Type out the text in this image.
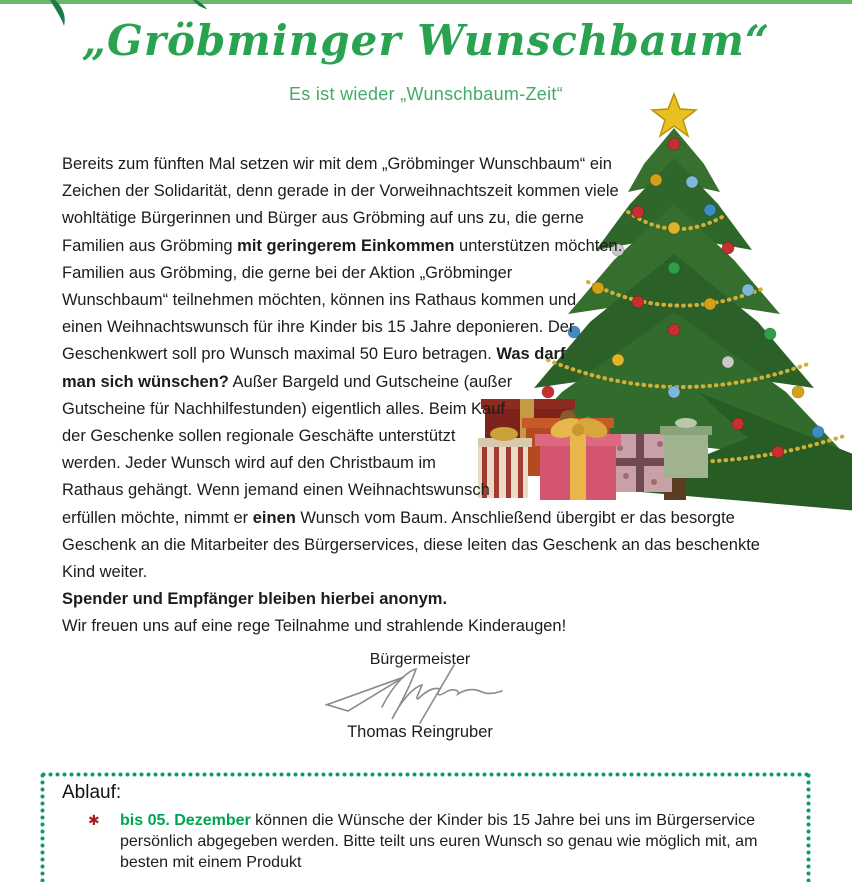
„Gröbminger Wunschbaum“
Es ist wieder „Wunschbaum-Zeit“
Bereits zum fünften Mal setzen wir mit dem „Gröbminger Wunschbaum“ ein
Zeichen der Solidarität, denn gerade in der Vorweihnachtszeit kommen viele
wohltätige Bürgerinnen und Bürger aus Gröbming auf uns zu, die gerne
Familien aus Gröbming mit geringerem Einkommen unterstützen möchten.
Familien aus Gröbming, die gerne bei der Aktion „Gröbminger
Wunschbaum“ teilnehmen möchten, können ins Rathaus kommen und
einen Weihnachtswunsch für ihre Kinder bis 15 Jahre deponieren. Der
Geschenkwert soll pro Wunsch maximal 50 Euro betragen. Was darf
man sich wünschen? Außer Bargeld und Gutscheine (außer
Gutscheine für Nachhilfestunden) eigentlich alles. Beim Kauf
der Geschenke sollen regionale Geschäfte unterstützt
werden. Jeder Wunsch wird auf den Christbaum im
Rathaus gehängt. Wenn jemand einen Weihnachtswunsch
erfüllen möchte, nimmt er einen Wunsch vom Baum. Anschließend übergibt er das besorgte
Geschenk an die Mitarbeiter des Bürgerservices, diese leiten das Geschenk an das beschenkte
Kind weiter.
Spender und Empfänger bleiben hierbei anonym.
Wir freuen uns auf eine rege Teilnahme und strahlende Kinderaugen!
Bürgermeister
Thomas Reingruber
Ablauf:
✱	bis 05. Dezember können die Wünsche der Kinder bis 15 Jahre bei uns im Bürgerservice
persönlich abgegeben werden. Bitte teilt uns euren Wunsch so genau wie möglich mit, am
besten mit einem Produkt
